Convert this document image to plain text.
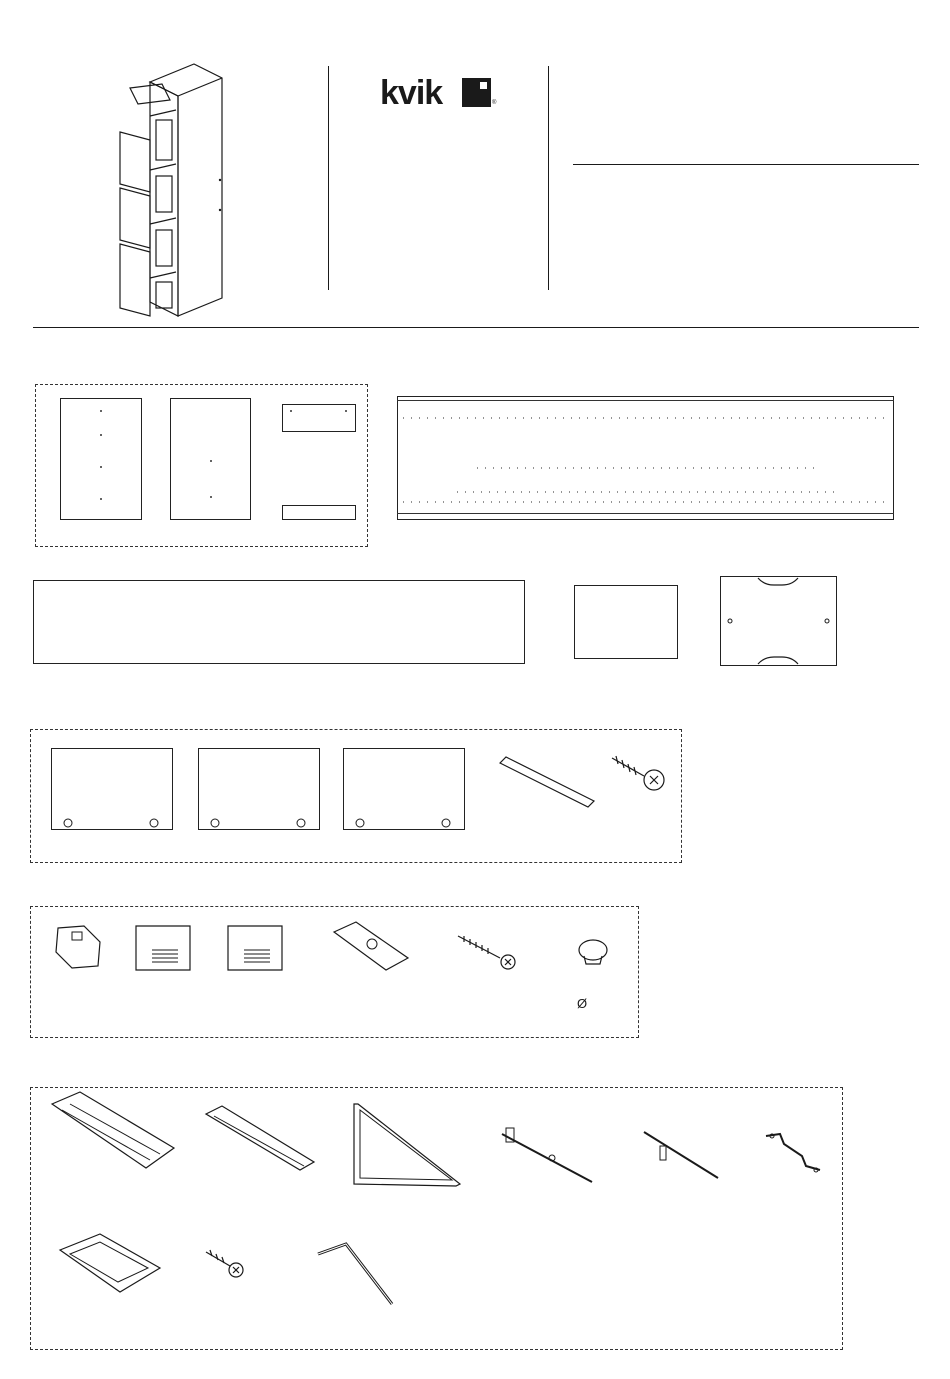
kvik	®
Ø
